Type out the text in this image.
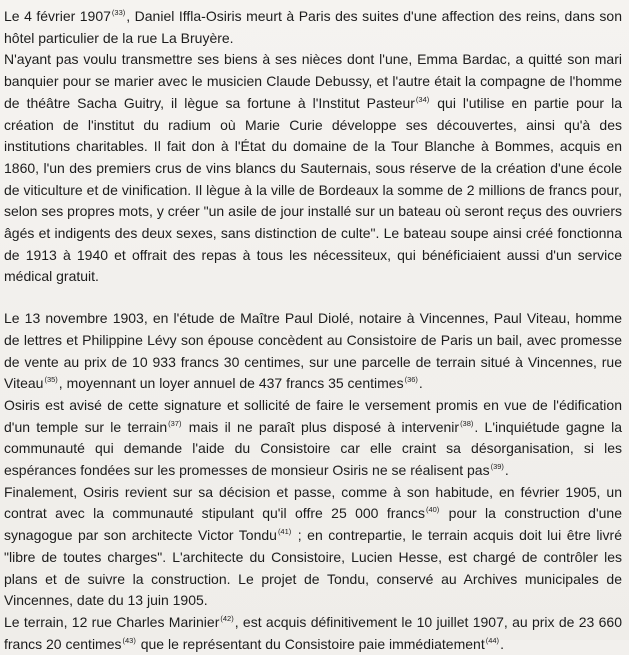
Le 4 février 1907$^{(33)}$, Daniel Iffla-Osiris meurt à Paris des suites d'une affection des reins, dans son hôtel particulier de la rue La Bruyère.

N'ayant pas voulu transmettre ses biens à ses nièces dont l'une, Emma Bardac, a quitté son mari banquier pour se marier avec le musicien Claude Debussy, et l'autre était la compagne de l'homme de théâtre Sacha Guitry, il lègue sa fortune à l'Institut Pasteur$^{(34)}$ qui l'utilise en partie pour la création de l'institut du radium où Marie Curie développe ses découvertes, ainsi qu'à des institutions charitables. Il fait don à l'État du domaine de la Tour Blanche à Bommes, acquis en 1860, l'un des premiers crus de vins blancs du Sauternais, sous réserve de la création d'une école de viticulture et de vinification. Il lègue à la ville de Bordeaux la somme de 2 millions de francs pour, selon ses propres mots, y créer "un asile de jour installé sur un bateau où seront reçus des ouvriers âgés et indigents des deux sexes, sans distinction de culte". Le bateau soupe ainsi créé fonctionna de 1913 à 1940 et offrait des repas à tous les nécessiteux, qui bénéficiaient aussi d'un service médical gratuit.

Le 13 novembre 1903, en l'étude de Maître Paul Diolé, notaire à Vincennes, Paul Viteau, homme de lettres et Philippine Lévy son épouse concèdent au Consistoire de Paris un bail, avec promesse de vente au prix de 10 933 francs 30 centimes, sur une parcelle de terrain situé à Vincennes, rue Viteau$^{(35)}$, moyennant un loyer annuel de 437 francs 35 centimes$^{(36)}$.

Osiris est avisé de cette signature et sollicité de faire le versement promis en vue de l'édification d'un temple sur le terrain$^{(37)}$ mais il ne paraît plus disposé à intervenir$^{(38)}$. L'inquiétude gagne la communauté qui demande l'aide du Consistoire car elle craint sa désorganisation, si les espérances fondées sur les promesses de monsieur Osiris ne se réalisent pas$^{(39)}$.

Finalement, Osiris revient sur sa décision et passe, comme à son habitude, en février 1905, un contrat avec la communauté stipulant qu'il offre 25 000 francs$^{(40)}$ pour la construction d'une synagogue par son architecte Victor Tondu$^{(41)}$ ; en contrepartie, le terrain acquis doit lui être livré "libre de toutes charges". L'architecte du Consistoire, Lucien Hesse, est chargé de contrôler les plans et de suivre la construction. Le projet de Tondu, conservé au Archives municipales de Vincennes, date du 13 juin 1905.

Le terrain, 12 rue Charles Marinier$^{(42)}$, est acquis définitivement le 10 juillet 1907, au prix de 23 660 francs 20 centimes$^{(43)}$ que le représentant du Consistoire paie immédiatement$^{(44)}$.
